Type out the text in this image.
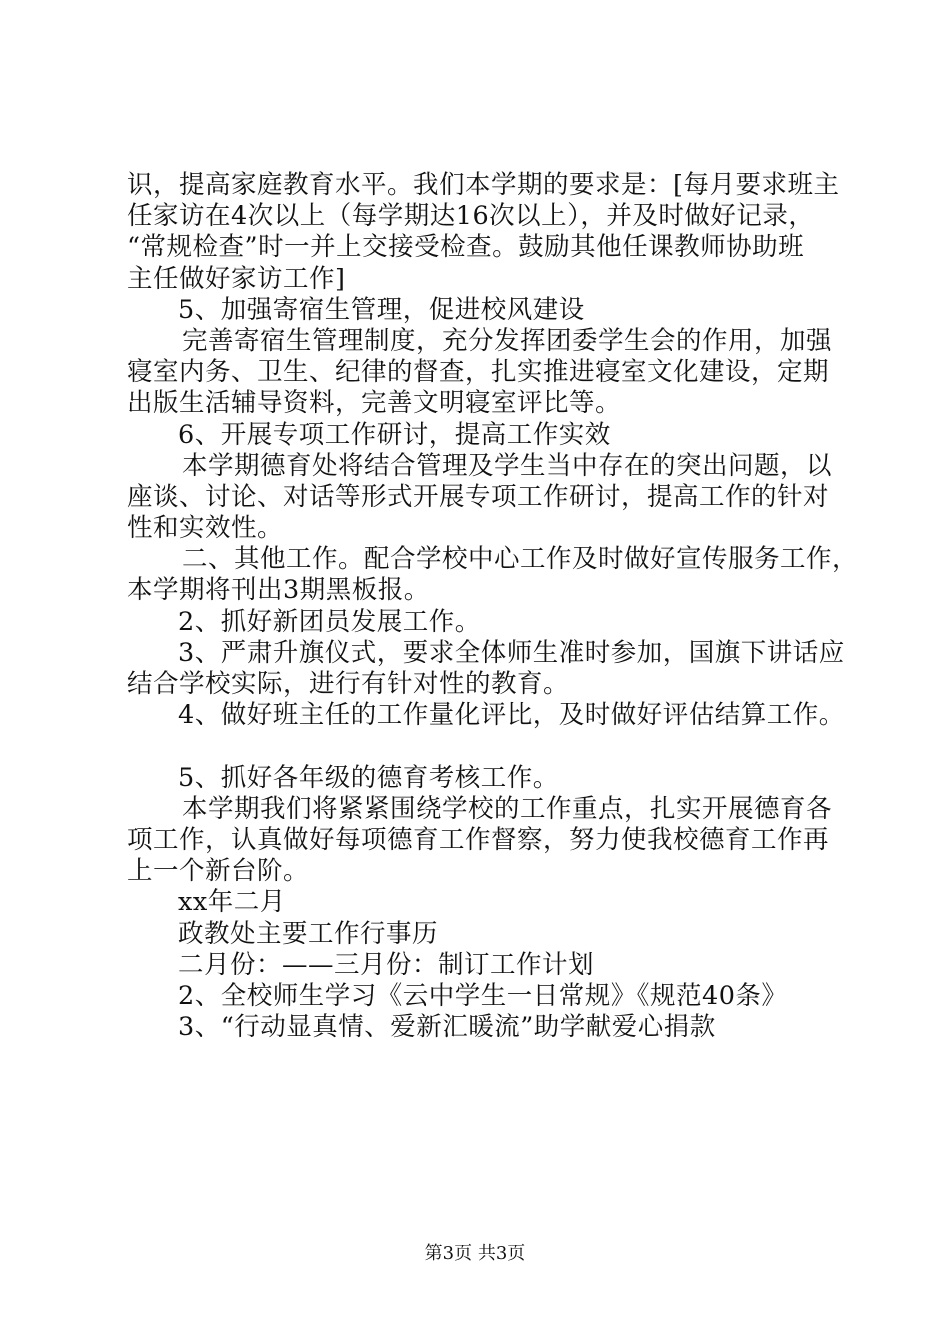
识，提高家庭教育水平。我们本学期的要求是：[每月要求班主
任家访在4次以上（每学期达16次以上），并及时做好记录，
“常规检查”时一并上交接受检查。鼓励其他任课教师协助班
主任做好家访工作]
5、加强寄宿生管理，促进校风建设
完善寄宿生管理制度，充分发挥团委学生会的作用，加强
寝室内务、卫生、纪律的督查，扎实推进寝室文化建设，定期
出版生活辅导资料，完善文明寝室评比等。
6、开展专项工作研讨，提高工作实效
本学期德育处将结合管理及学生当中存在的突出问题，以
座谈、讨论、对话等形式开展专项工作研讨，提高工作的针对
性和实效性。
二、其他工作。配合学校中心工作及时做好宣传服务工作，
本学期将刊出3期黑板报。
2、抓好新团员发展工作。
3、严肃升旗仪式，要求全体师生准时参加，国旗下讲话应
结合学校实际，进行有针对性的教育。
4、做好班主任的工作量化评比，及时做好评估结算工作。
5、抓好各年级的德育考核工作。
本学期我们将紧紧围绕学校的工作重点，扎实开展德育各
项工作，认真做好每项德育工作督察，努力使我校德育工作再
上一个新台阶。
xx年二月
政教处主要工作行事历
二月份：——三月份：制订工作计划
2、全校师生学习《云中学生一日常规》《规范40条》
3、“行动显真情、爱新汇暖流”助学献爱心捐款
第3页 共3页
